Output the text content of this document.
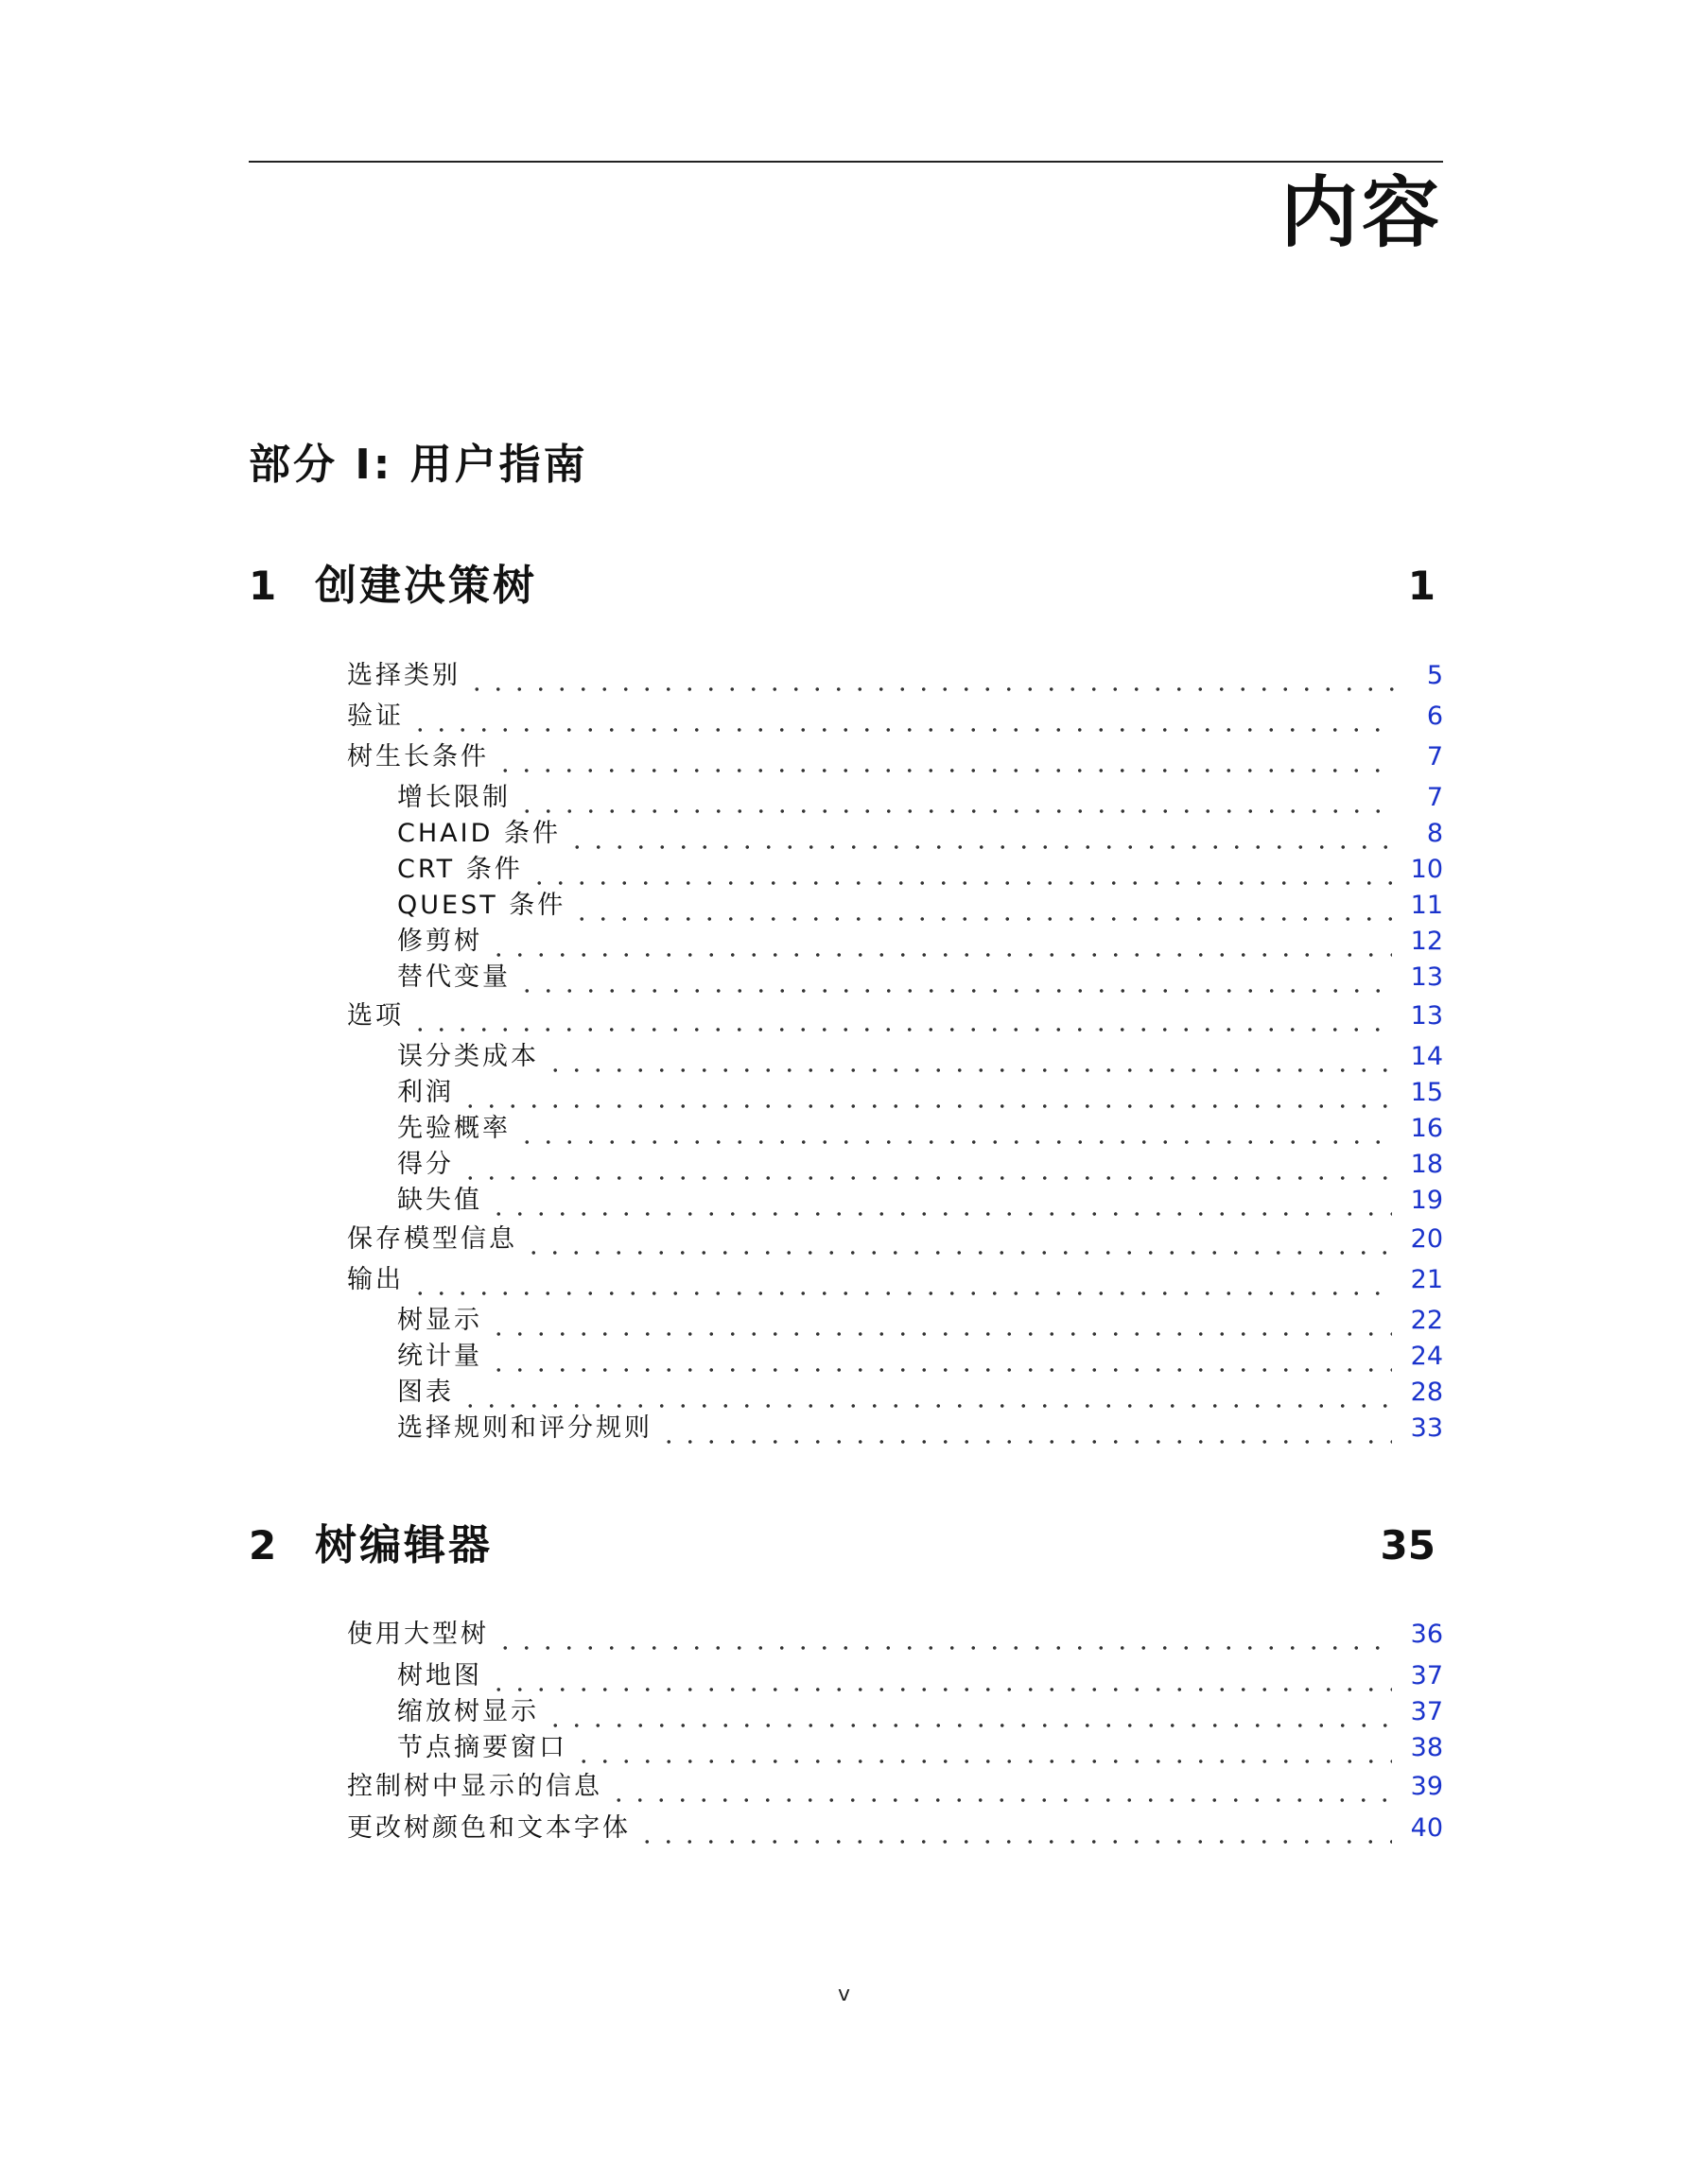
内容
部分 I: 用户指南
1 创建决策树	1
选择类别	5
验证	6
树生长条件	7
增长限制	7
CHAID 条件	8
CRT 条件	10
QUEST 条件	11
修剪树	12
替代变量	13
选项	13
误分类成本	14
利润	15
先验概率	16
得分	18
缺失值	19
保存模型信息	20
输出	21
树显示	22
统计量	24
图表	28
选择规则和评分规则	33
2 树编辑器	35
使用大型树	36
树地图	37
缩放树显示	37
节点摘要窗口	38
控制树中显示的信息	39
更改树颜色和文本字体	40
v
